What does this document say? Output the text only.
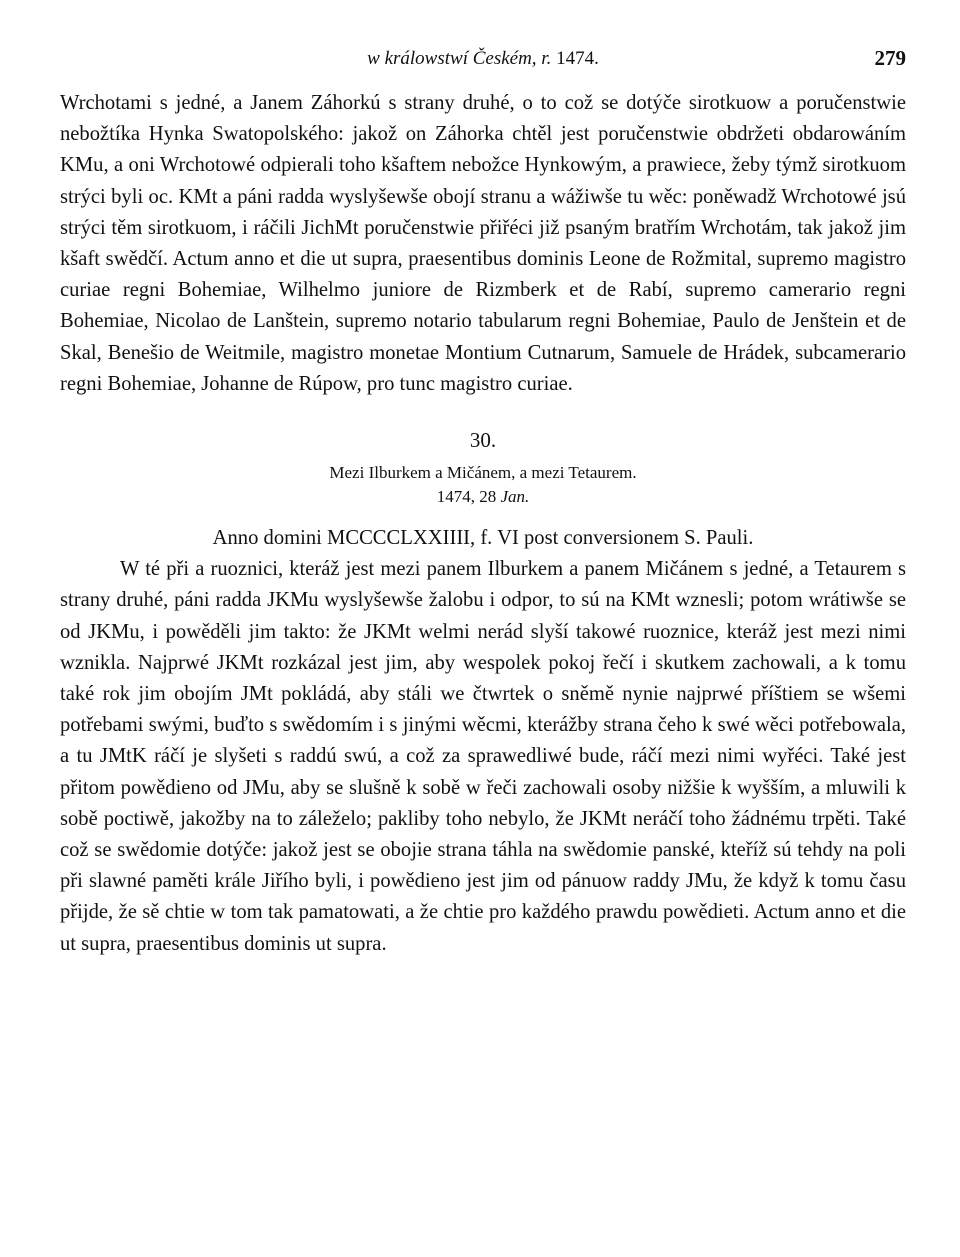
w králowstwí Českém, r. 1474.	279

Wrchotami s jedné, a Janem Záhorkú s strany druhé, o to což se dotýče sirotkuow a poručenstwie nebožtíka Hynka Swatopolského: jakož on Záhorka chtěl jest poručenstwie obdržeti obdarowáním KMu, a oni Wrchotowé odpierali toho kšaftem nebožce Hynkowým, a prawiece, žeby týmž sirotkuom strýci byli oc. KMt a páni radda wyslyšewše obojí stranu a wážiwše tu wěc: poněwadž Wrchotowé jsú strýci těm sirotkuom, i ráčili JichMt poručenstwie přiřéci již psaným bratřím Wrchotám, tak jakož jim kšaft swědčí. Actum anno et die ut supra, praesentibus dominis Leone de Rožmital, supremo magistro curiae regni Bohemiae, Wilhelmo juniore de Rizmberk et de Rabí, supremo camerario regni Bohemiae, Nicolao de Lanštein, supremo notario tabularum regni Bohemiae, Paulo de Jenštein et de Skal, Benešio de Weitmile, magistro monetae Montium Cutnarum, Samuele de Hrádek, subcamerario regni Bohemiae, Johanne de Rúpow, pro tunc magistro curiae.

30.
Mezi Ilburkem a Mičánem, a mezi Tetaurem.
1474, 28 Jan.
Anno domini MCCCCLXXIIII, f. VI post conversionem S. Pauli.

W té při a ruoznici, kteráž jest mezi panem Ilburkem a panem Mičánem s jedné, a Tetaurem s strany druhé, páni radda JKMu wyslyšewše žalobu i odpor, to sú na KMt wznesli; potom wrátiwše se od JKMu, i powěděli jim takto: že JKMt welmi nerád slyší takowé ruoznice, kteráž jest mezi nimi wznikla. Najprwé JKMt rozkázal jest jim, aby wespolek pokoj řečí i skutkem zachowali, a k tomu také rok jim obojím JMt pokládá, aby stáli we čtwrtek o sněmě nynie najprwé příštiem se wšemi potřebami swými, buďto s swědomím i s jinými wěcmi, kterážby strana čeho k swé wěci potřebowala, a tu JMtK ráčí je slyšeti s raddú swú, a což za sprawedliwé bude, ráčí mezi nimi wyřéci. Také jest přitom powědieno od JMu, aby se slušně k sobě w řeči zachowali osoby nižšie k wyšším, a mluwili k sobě poctiwě, jakožby na to záleželo; pakliby toho nebylo, že JKMt neráčí toho žádnému trpěti. Také což se swědomie dotýče: jakož jest se obojie strana táhla na swědomie panské, kteříž sú tehdy na poli při slawné paměti krále Jiřího byli, i powědieno jest jim od pánuow raddy JMu, že když k tomu času přijde, že sě chtie w tom tak pamatowati, a že chtie pro každého prawdu powědieti. Actum anno et die ut supra, praesentibus dominis ut supra.
